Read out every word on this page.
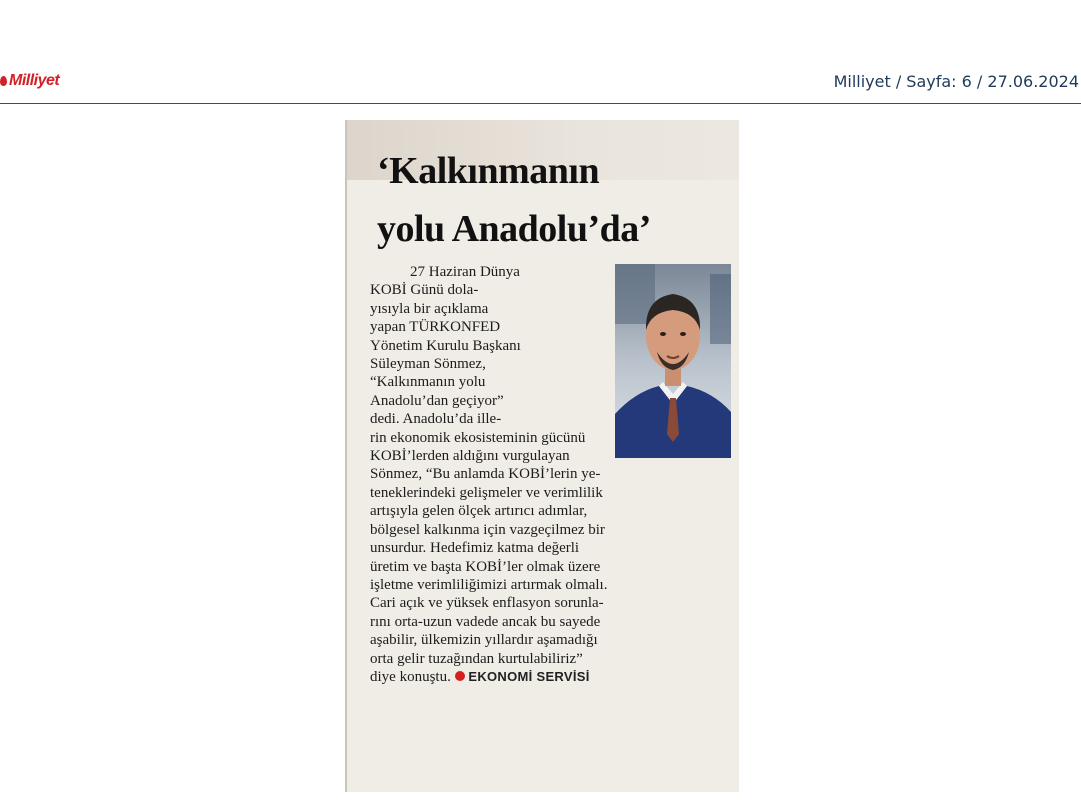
Milliyet	Milliyet / Sayfa: 6 / 27.06.2024
‘Kalkınmanın
yolu Anadolu’da’
27 Haziran Dünya
KOBİ Günü dola-
yısıyla bir açıklama
yapan TÜRKONFED
Yönetim Kurulu Başkanı
Süleyman Sönmez,
“Kalkınmanın yolu
Anadolu’dan geçiyor”
dedi. Anadolu’da ille-
rin ekonomik ekosisteminin gücünü
KOBİ’lerden aldığını vurgulayan
Sönmez, “Bu anlamda KOBİ’lerin ye-
teneklerindeki gelişmeler ve verimlilik
artışıyla gelen ölçek artırıcı adımlar,
bölgesel kalkınma için vazgeçilmez bir
unsurdur. Hedefimiz katma değerli
üretim ve başta KOBİ’ler olmak üzere
işletme verimliliğimizi artırmak olmalı.
Cari açık ve yüksek enflasyon sorunla-
rını orta-uzun vadede ancak bu sayede
aşabilir, ülkemizin yıllardır aşamadığı
orta gelir tuzağından kurtulabiliriz”
diye konuştu. EKONOMİ SERVİSİ
